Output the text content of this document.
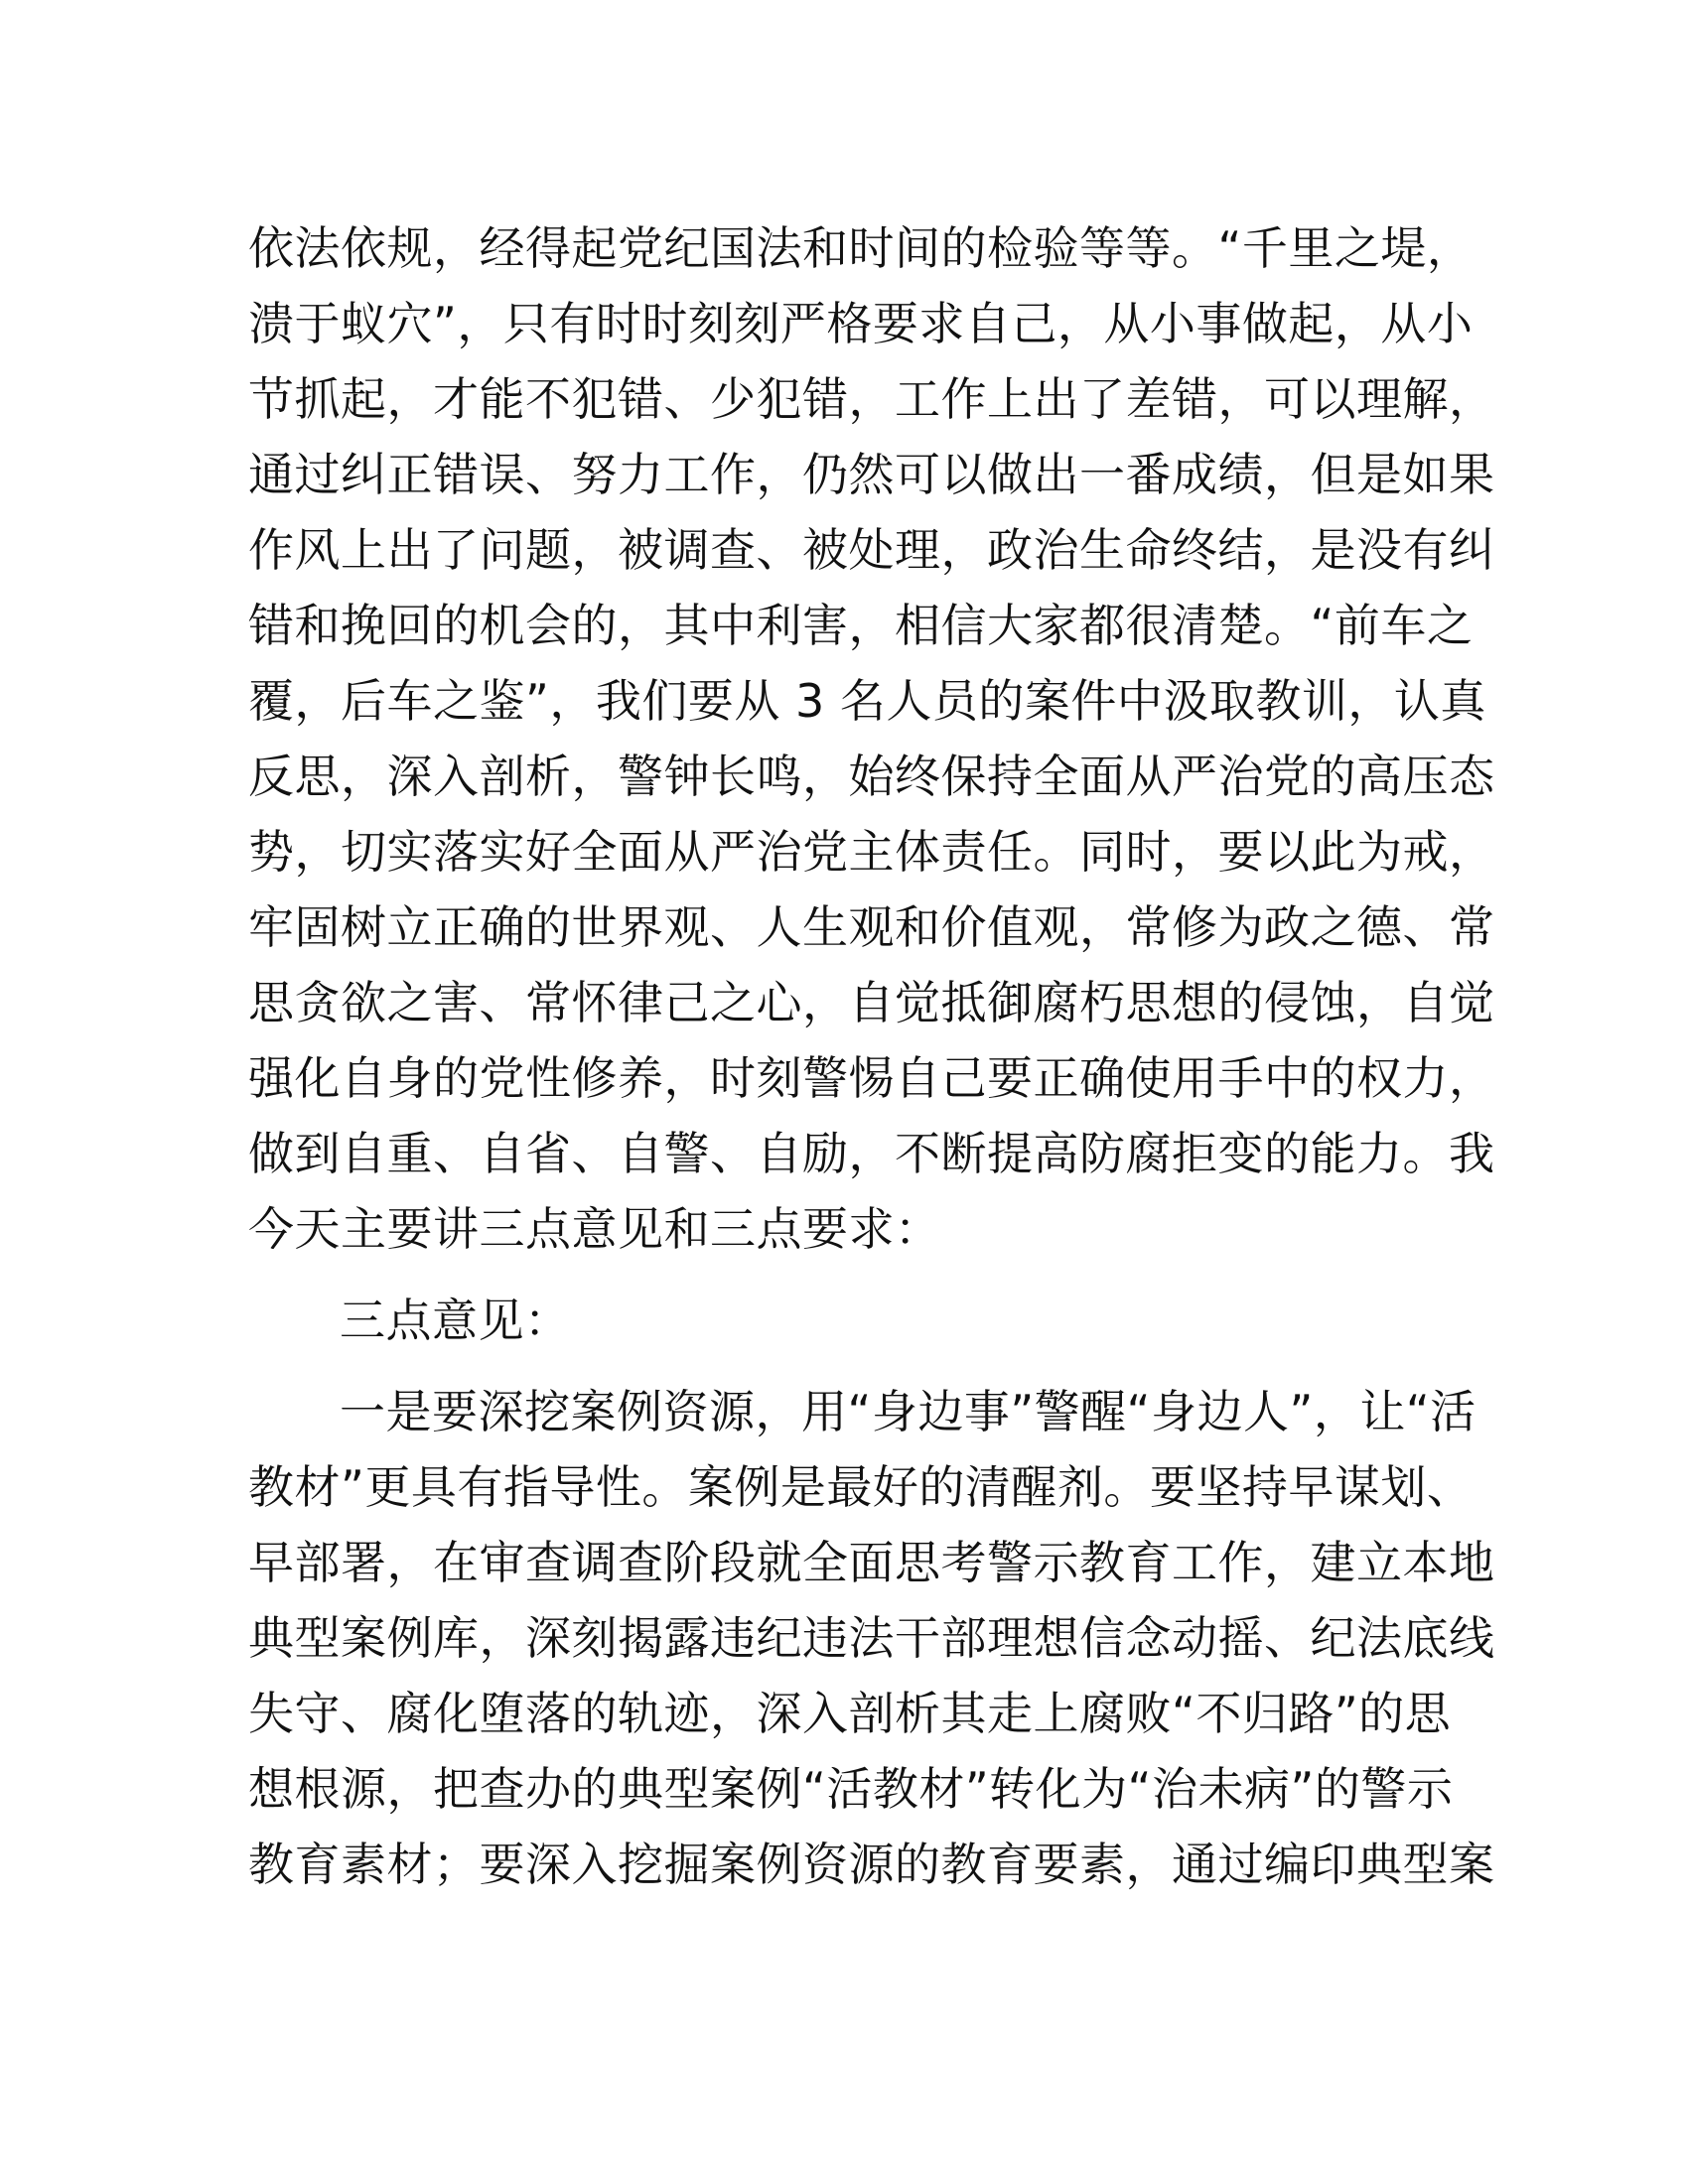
依法依规，经得起党纪国法和时间的检验等等。“千里之堤，
溃于蚁穴”，只有时时刻刻严格要求自己，从小事做起，从小
节抓起，才能不犯错、少犯错，工作上出了差错，可以理解，
通过纠正错误、努力工作，仍然可以做出一番成绩，但是如果
作风上出了问题，被调查、被处理，政治生命终结，是没有纠
错和挽回的机会的，其中利害，相信大家都很清楚。“前车之
覆，后车之鉴”，我们要从 3 名人员的案件中汲取教训，认真
反思，深入剖析，警钟长鸣，始终保持全面从严治党的高压态
势，切实落实好全面从严治党主体责任。同时，要以此为戒，
牢固树立正确的世界观、人生观和价值观，常修为政之德、常
思贪欲之害、常怀律己之心，自觉抵御腐朽思想的侵蚀，自觉
强化自身的党性修养，时刻警惕自己要正确使用手中的权力，
做到自重、自省、自警、自励，不断提高防腐拒变的能力。我
今天主要讲三点意见和三点要求：
三点意见：
一是要深挖案例资源，用“身边事”警醒“身边人”，让“活
教材”更具有指导性。案例是最好的清醒剂。要坚持早谋划、
早部署，在审查调查阶段就全面思考警示教育工作，建立本地
典型案例库，深刻揭露违纪违法干部理想信念动摇、纪法底线
失守、腐化堕落的轨迹，深入剖析其走上腐败“不归路”的思
想根源，把查办的典型案例“活教材”转化为“治未病”的警示
教育素材；要深入挖掘案例资源的教育要素，通过编印典型案
